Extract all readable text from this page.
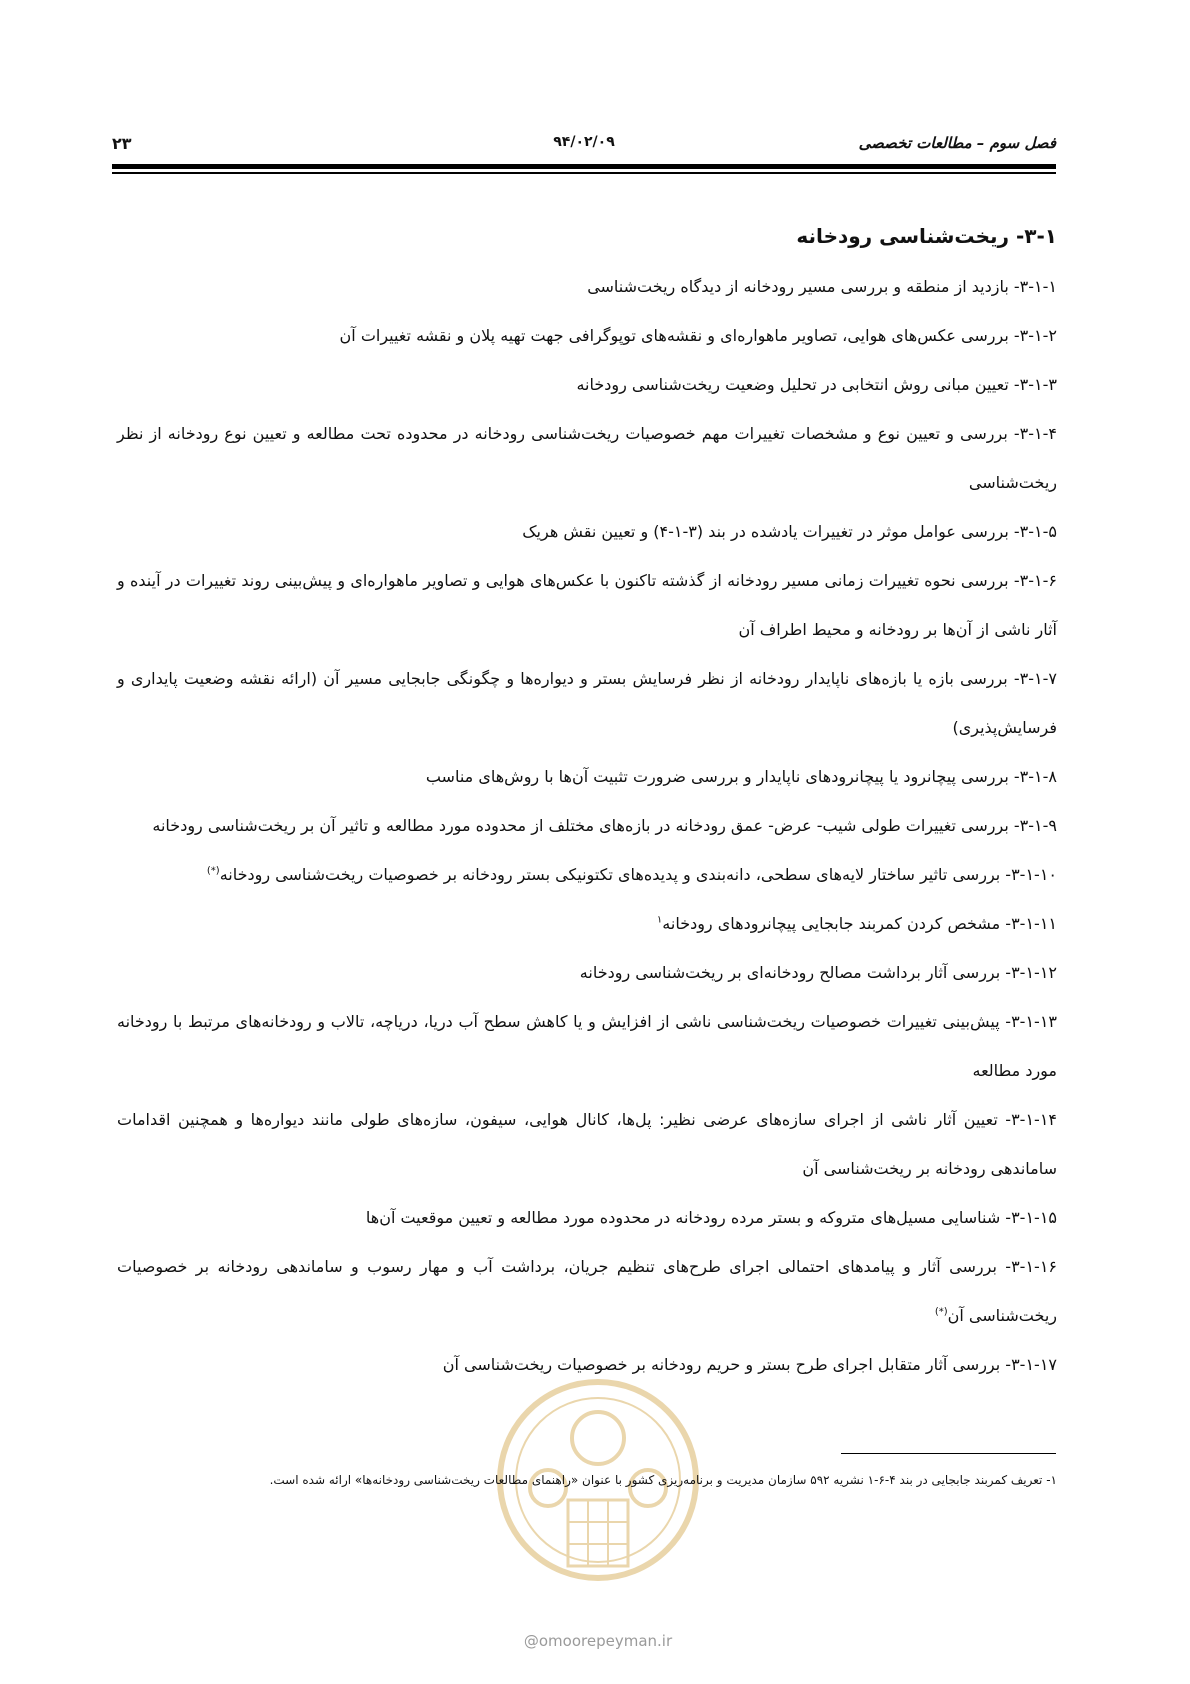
فصل سوم – مطالعات تخصصی
۹۴/۰۲/۰۹
۲۳
۳-۱- ریخت‌شناسی رودخانه

۳-۱-۱- بازدید از منطقه و بررسی مسیر رودخانه از دیدگاه ریخت‌شناسی

۳-۱-۲- بررسی عکس‌های هوایی، تصاویر ماهواره‌ای و نقشه‌های توپوگرافی جهت تهیه پلان و نقشه تغییرات آن

۳-۱-۳- تعیین مبانی روش انتخابی در تحلیل وضعیت ریخت‌شناسی رودخانه

۳-۱-۴- بررسی و تعیین نوع و مشخصات تغییرات مهم خصوصیات ریخت‌شناسی رودخانه در محدوده تحت مطالعه و تعیین نوع رودخانه از نظر ریخت‌شناسی

۳-۱-۵- بررسی عوامل موثر در تغییرات یادشده در بند (۳-۱-۴) و تعیین نقش هریک

۳-۱-۶- بررسی نحوه تغییرات زمانی مسیر رودخانه از گذشته تاکنون با عکس‌های هوایی و تصاویر ماهواره‌ای و پیش‌بینی روند تغییرات در آینده و آثار ناشی از آن‌ها بر رودخانه و محیط اطراف آن

۳-۱-۷- بررسی بازه یا بازه‌های ناپایدار رودخانه از نظر فرسایش بستر و دیواره‌ها و چگونگی جابجایی مسیر آن (ارائه نقشه وضعیت پایداری و فرسایش‌پذیری)

۳-۱-۸- بررسی پیچانرود یا پیچانرودهای ناپایدار و بررسی ضرورت تثبیت آن‌ها با روش‌های مناسب

۳-۱-۹- بررسی تغییرات طولی شیب- عرض- عمق رودخانه در بازه‌های مختلف از محدوده مورد مطالعه و تاثیر آن بر ریخت‌شناسی رودخانه

۳-۱-۱۰- بررسی تاثیر ساختار لایه‌های سطحی، دانه‌بندی و پدیده‌های تکتونیکی بستر رودخانه بر خصوصیات ریخت‌شناسی رودخانه(*)

۳-۱-۱۱- مشخص کردن کمربند جابجایی پیچانرودهای رودخانه$^۱$

۳-۱-۱۲- بررسی آثار برداشت مصالح رودخانه‌ای بر ریخت‌شناسی رودخانه

۳-۱-۱۳- پیش‌بینی تغییرات خصوصیات ریخت‌شناسی ناشی از افزایش و یا کاهش سطح آب دریا، دریاچه، تالاب و رودخانه‌های مرتبط با رودخانه مورد مطالعه

۳-۱-۱۴- تعیین آثار ناشی از اجرای سازه‌های عرضی نظیر: پل‌ها، کانال هوایی، سیفون، سازه‌های طولی مانند دیواره‌ها و همچنین اقدامات ساماندهی رودخانه بر ریخت‌شناسی آن

۳-۱-۱۵- شناسایی مسیل‌های متروکه و بستر مرده رودخانه در محدوده مورد مطالعه و تعیین موقعیت آن‌ها

۳-۱-۱۶- بررسی آثار و پیامدهای احتمالی اجرای طرح‌های تنظیم جریان، برداشت آب و مهار رسوب و ساماندهی رودخانه بر خصوصیات ریخت‌شناسی آن(*)

۳-۱-۱۷- بررسی آثار متقابل اجرای طرح بستر و حریم رودخانه بر خصوصیات ریخت‌شناسی آن

@omoorepeyman.ir
۱- تعریف کمربند جابجایی در بند ۴-۶-۱ نشریه ۵۹۲ سازمان مدیریت و برنامه‌ریزی کشور با عنوان «راهنمای مطالعات ریخت‌شناسی رودخانه‌ها» ارائه شده است.
